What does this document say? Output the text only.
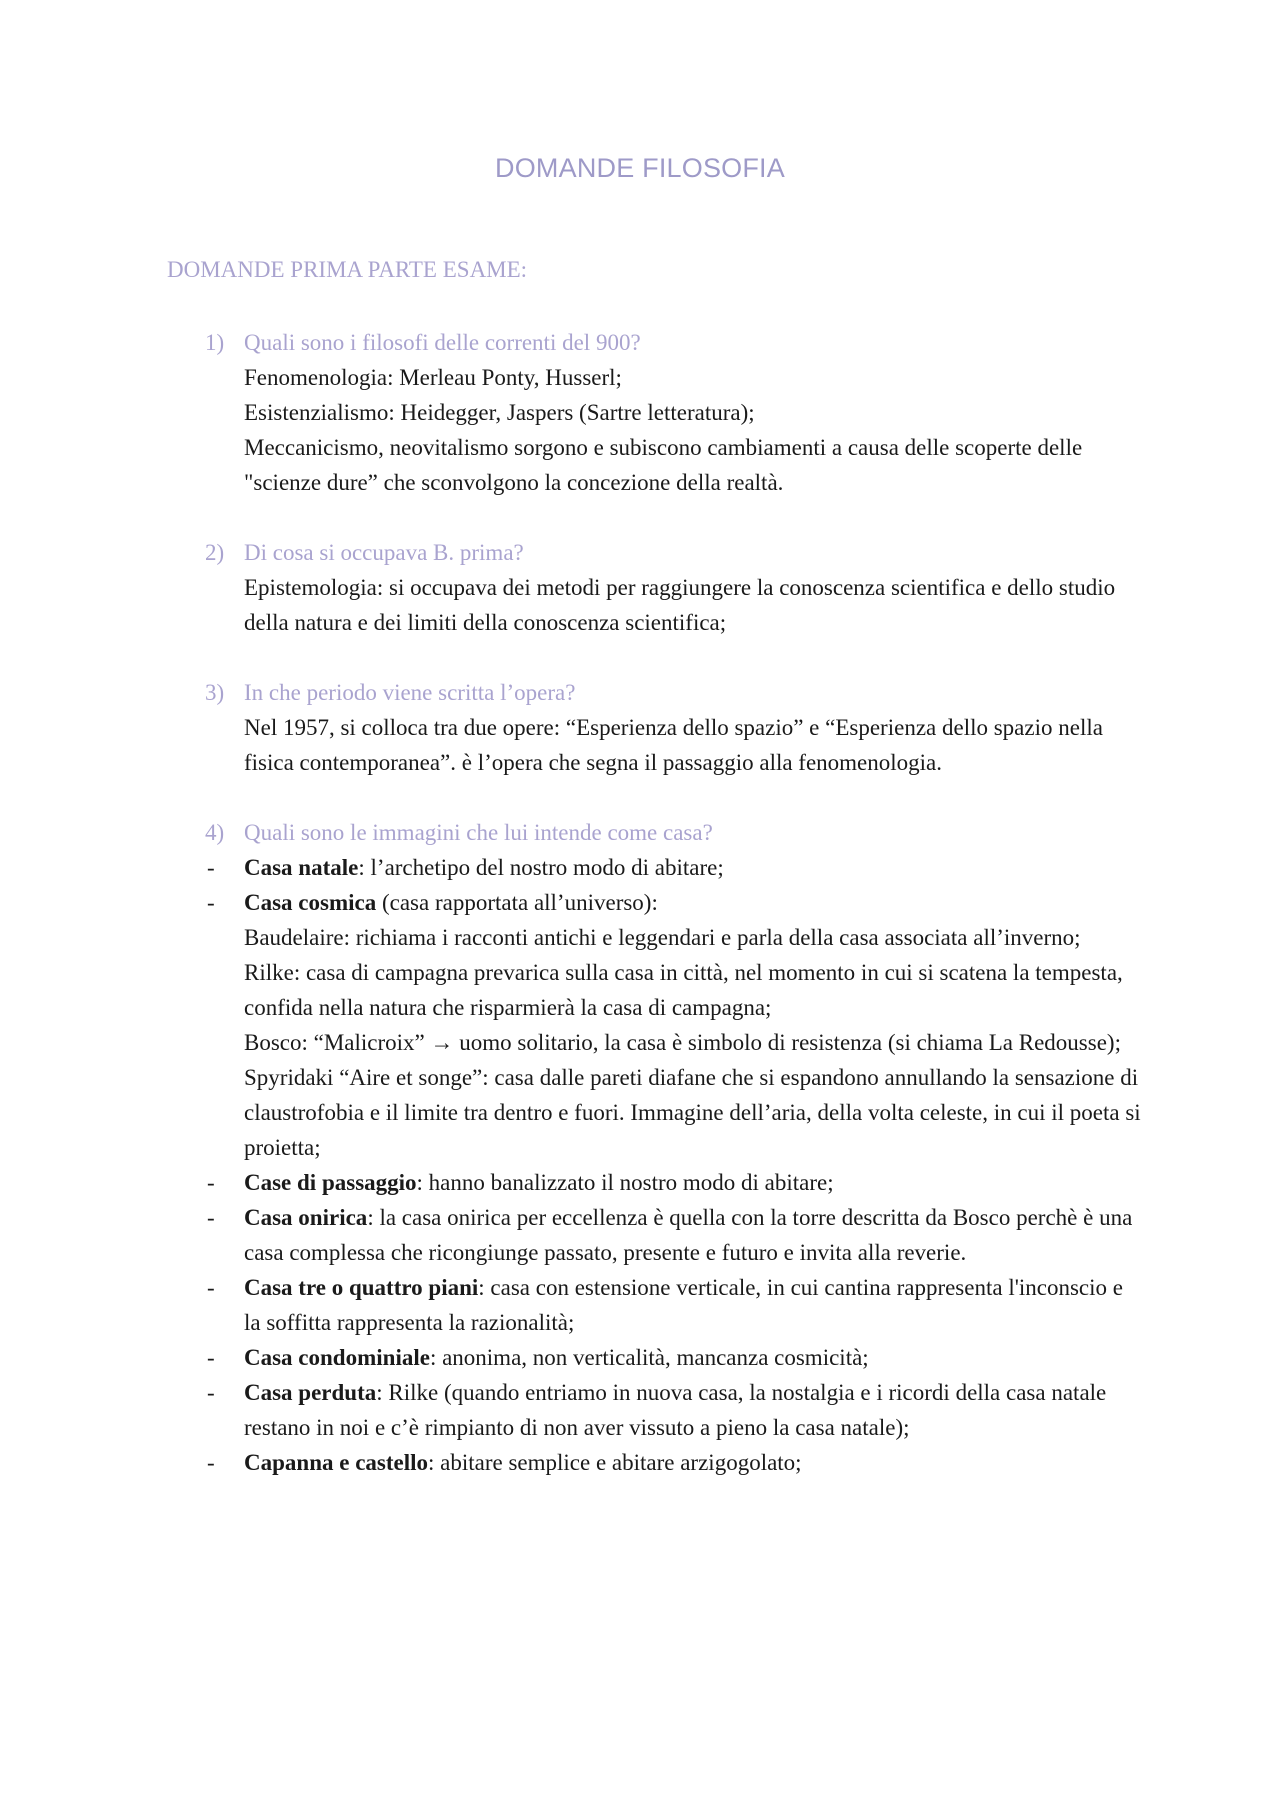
DOMANDE FILOSOFIA
DOMANDE PRIMA PARTE ESAME:
1) Quali sono i filosofi delle correnti del 900?

Fenomenologia: Merleau Ponty, Husserl;

Esistenzialismo: Heidegger, Jaspers (Sartre letteratura);

Meccanicismo, neovitalismo sorgono e subiscono cambiamenti a causa delle scoperte delle "scienze dure” che sconvolgono la concezione della realtà.

2) Di cosa si occupava B. prima?

Epistemologia: si occupava dei metodi per raggiungere la conoscenza scientifica e dello studio della natura e dei limiti della conoscenza scientifica;

3) In che periodo viene scritta l’opera?

Nel 1957, si colloca tra due opere: “Esperienza dello spazio” e “Esperienza dello spazio nella fisica contemporanea”. è l’opera che segna il passaggio alla fenomenologia.

4) Quali sono le immagini che lui intende come casa?
- Casa natale: l’archetipo del nostro modo di abitare;
- Casa cosmica (casa rapportata all’universo):

Baudelaire: richiama i racconti antichi e leggendari e parla della casa associata all’inverno;

Rilke: casa di campagna prevarica sulla casa in città, nel momento in cui si scatena la tempesta, confida nella natura che risparmierà la casa di campagna;

Bosco: “Malicroix” → uomo solitario, la casa è simbolo di resistenza (si chiama La Redousse);

Spyridaki “Aire et songe”: casa dalle pareti diafane che si espandono annullando la sensazione di claustrofobia e il limite tra dentro e fuori. Immagine dell’aria, della volta celeste, in cui il poeta si proietta;

- Case di passaggio: hanno banalizzato il nostro modo di abitare;
- Casa onirica: la casa onirica per eccellenza è quella con la torre descritta da Bosco perchè è una casa complessa che ricongiunge passato, presente e futuro e invita alla reverie.
- Casa tre o quattro piani: casa con estensione verticale, in cui cantina rappresenta l'inconscio e la soffitta rappresenta la razionalità;
- Casa condominiale: anonima, non verticalità, mancanza cosmicità;
- Casa perduta: Rilke (quando entriamo in nuova casa, la nostalgia e i ricordi della casa natale restano in noi e c’è rimpianto di non aver vissuto a pieno la casa natale);
- Capanna e castello: abitare semplice e abitare arzigogolato;
